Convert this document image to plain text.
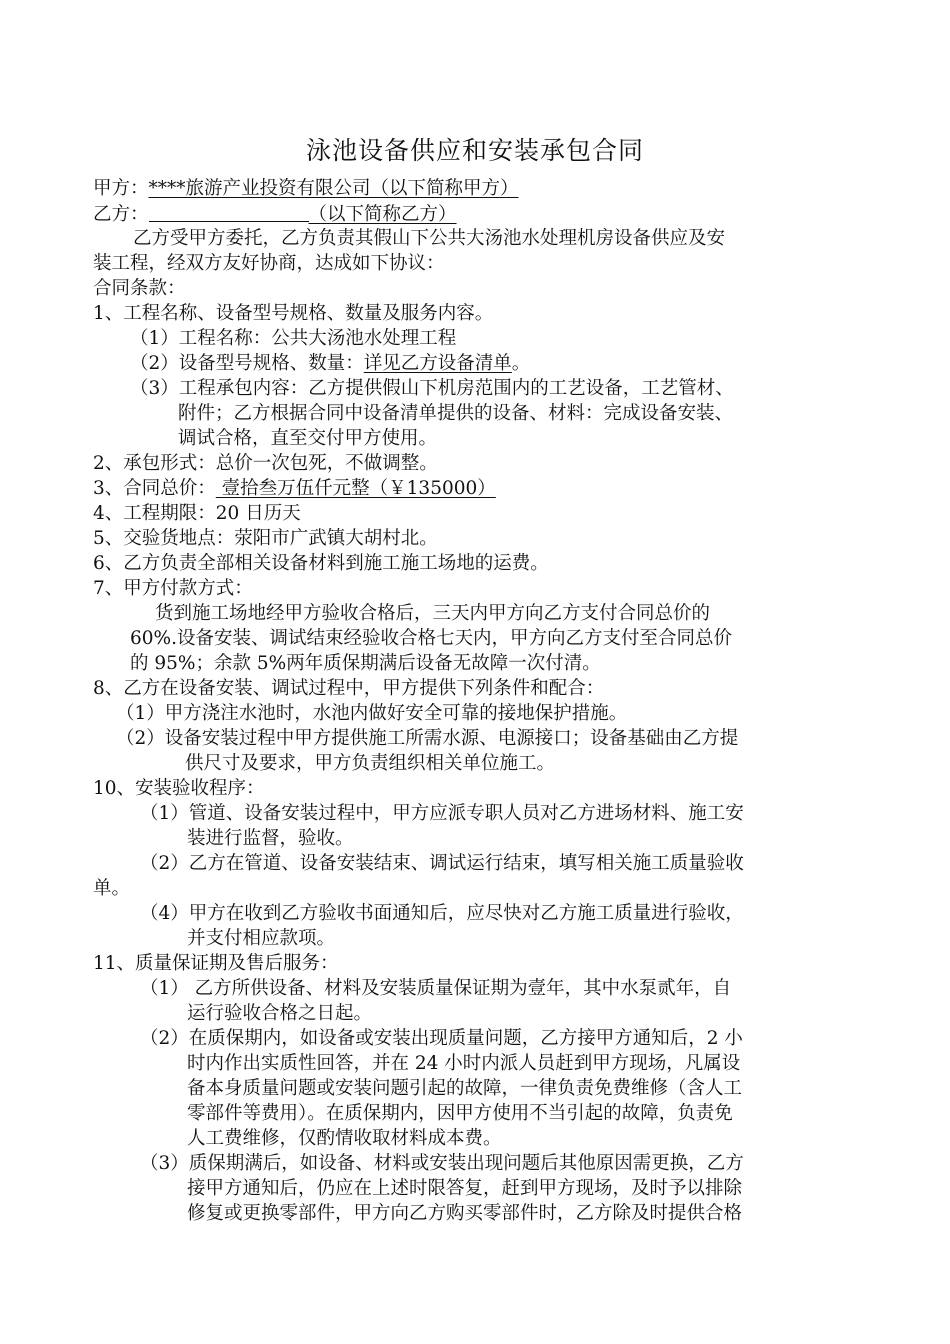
泳池设备供应和安装承包合同
甲方：****旅游产业投资有限公司（以下简称甲方）
乙方：	（以下简称乙方）
乙方受甲方委托，乙方负责其假山下公共大汤池水处理机房设备供应及安
装工程，经双方友好协商，达成如下协议：
合同条款：
1、工程名称、设备型号规格、数量及服务内容。
（1）工程名称：公共大汤池水处理工程
（2）设备型号规格、数量：详见乙方设备清单。
（3）工程承包内容：乙方提供假山下机房范围内的工艺设备，工艺管材、
附件；乙方根据合同中设备清单提供的设备、材料：完成设备安装、
调试合格，直至交付甲方使用。
2、承包形式：总价一次包死，不做调整。
3、合同总价： 壹拾叁万伍仟元整（￥135000）
4、工程期限：20 日历天
5、交验货地点：荥阳市广武镇大胡村北。
6、乙方负责全部相关设备材料到施工施工场地的运费。
7、甲方付款方式：
货到施工场地经甲方验收合格后，三天内甲方向乙方支付合同总价的
60%.设备安装、调试结束经验收合格七天内，甲方向乙方支付至合同总价
的 95%；余款 5%两年质保期满后设备无故障一次付清。
8、乙方在设备安装、调试过程中，甲方提供下列条件和配合：
（1）甲方浇注水池时，水池内做好安全可靠的接地保护措施。
（2）设备安装过程中甲方提供施工所需水源、电源接口；设备基础由乙方提
供尺寸及要求，甲方负责组织相关单位施工。
10、安装验收程序：
（1）管道、设备安装过程中，甲方应派专职人员对乙方进场材料、施工安
装进行监督，验收。
（2）乙方在管道、设备安装结束、调试运行结束，填写相关施工质量验收
单。
（4）甲方在收到乙方验收书面通知后，应尽快对乙方施工质量进行验收，
并支付相应款项。
11、质量保证期及售后服务：
（1） 乙方所供设备、材料及安装质量保证期为壹年，其中水泵贰年，自
运行验收合格之日起。
（2）在质保期内，如设备或安装出现质量问题，乙方接甲方通知后，2 小
时内作出实质性回答，并在 24 小时内派人员赶到甲方现场，凡属设
备本身质量问题或安装问题引起的故障，一律负责免费维修（含人工
零部件等费用）。在质保期内，因甲方使用不当引起的故障，负责免
人工费维修，仅酌情收取材料成本费。
（3）质保期满后，如设备、材料或安装出现问题后其他原因需更换，乙方
接甲方通知后，仍应在上述时限答复，赶到甲方现场，及时予以排除
修复或更换零部件，甲方向乙方购买零部件时，乙方除及时提供合格
